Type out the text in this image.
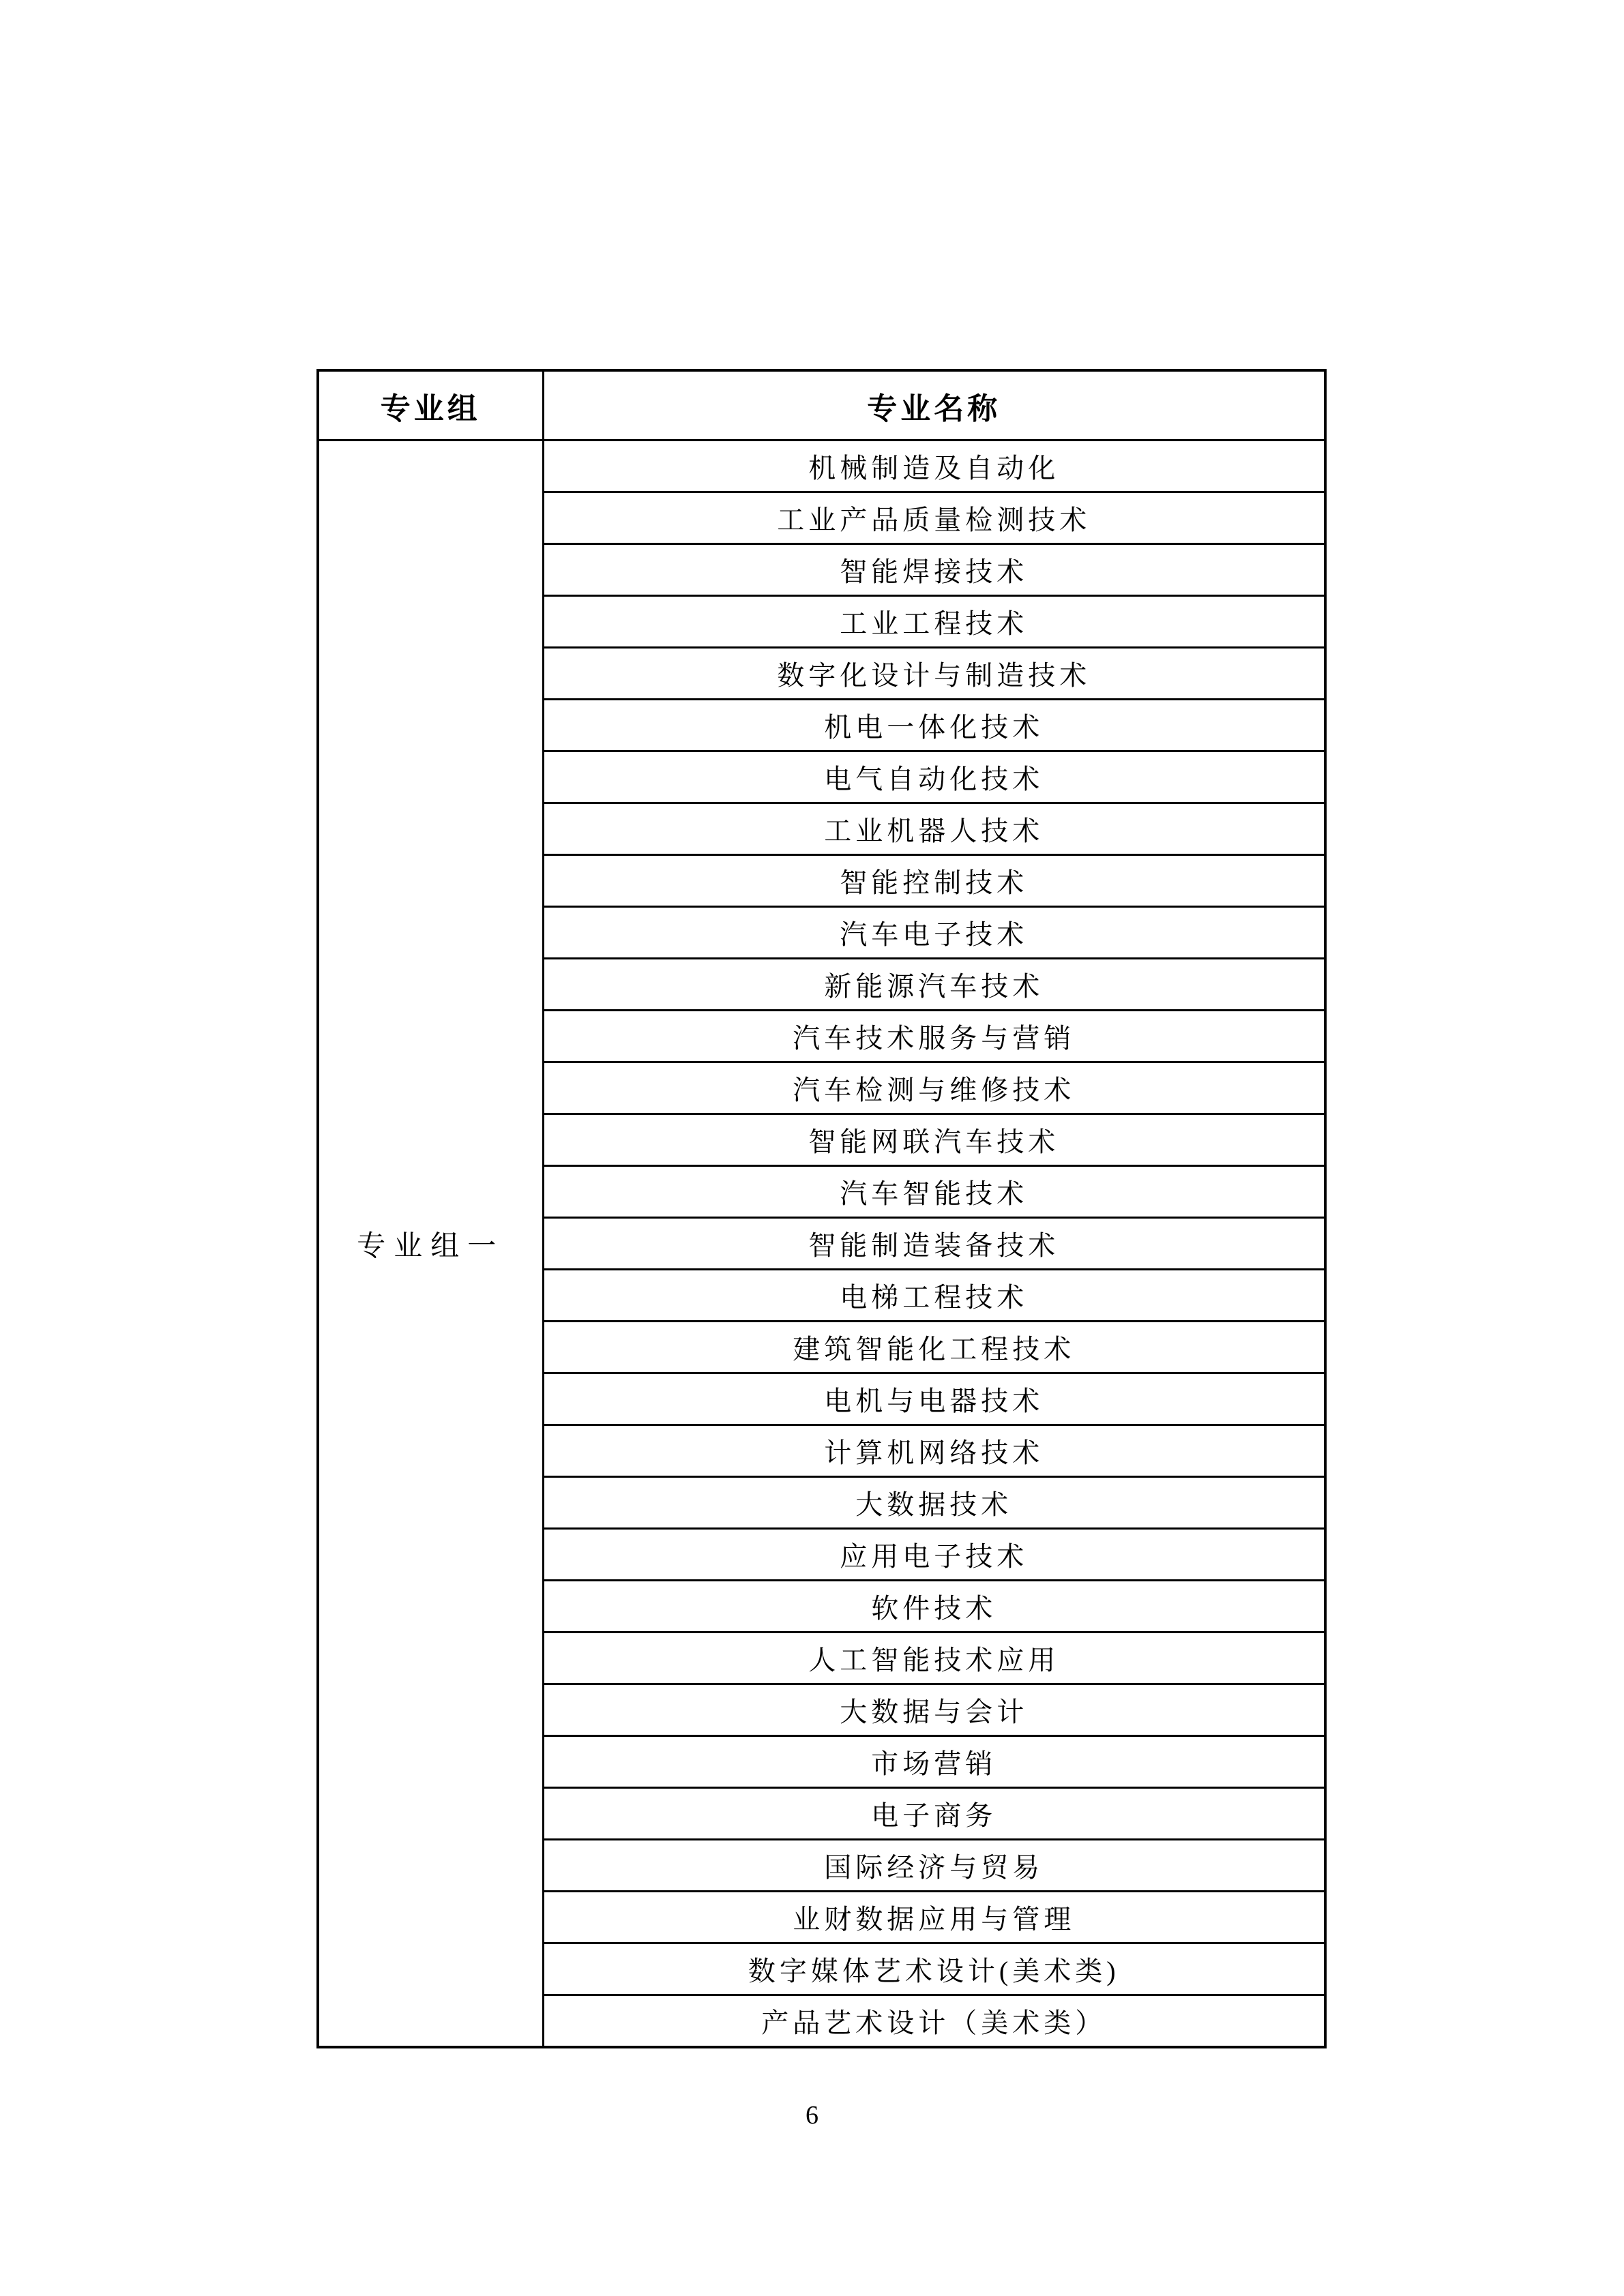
专业组	专业名称
专业组一	机械制造及自动化
	工业产品质量检测技术
	智能焊接技术
	工业工程技术
	数字化设计与制造技术
	机电一体化技术
	电气自动化技术
	工业机器人技术
	智能控制技术
	汽车电子技术
	新能源汽车技术
	汽车技术服务与营销
	汽车检测与维修技术
	智能网联汽车技术
	汽车智能技术
	智能制造装备技术
	电梯工程技术
	建筑智能化工程技术
	电机与电器技术
	计算机网络技术
	大数据技术
	应用电子技术
	软件技术
	人工智能技术应用
	大数据与会计
	市场营销
	电子商务
	国际经济与贸易
	业财数据应用与管理
	数字媒体艺术设计(美术类)
	产品艺术设计（美术类）
6
